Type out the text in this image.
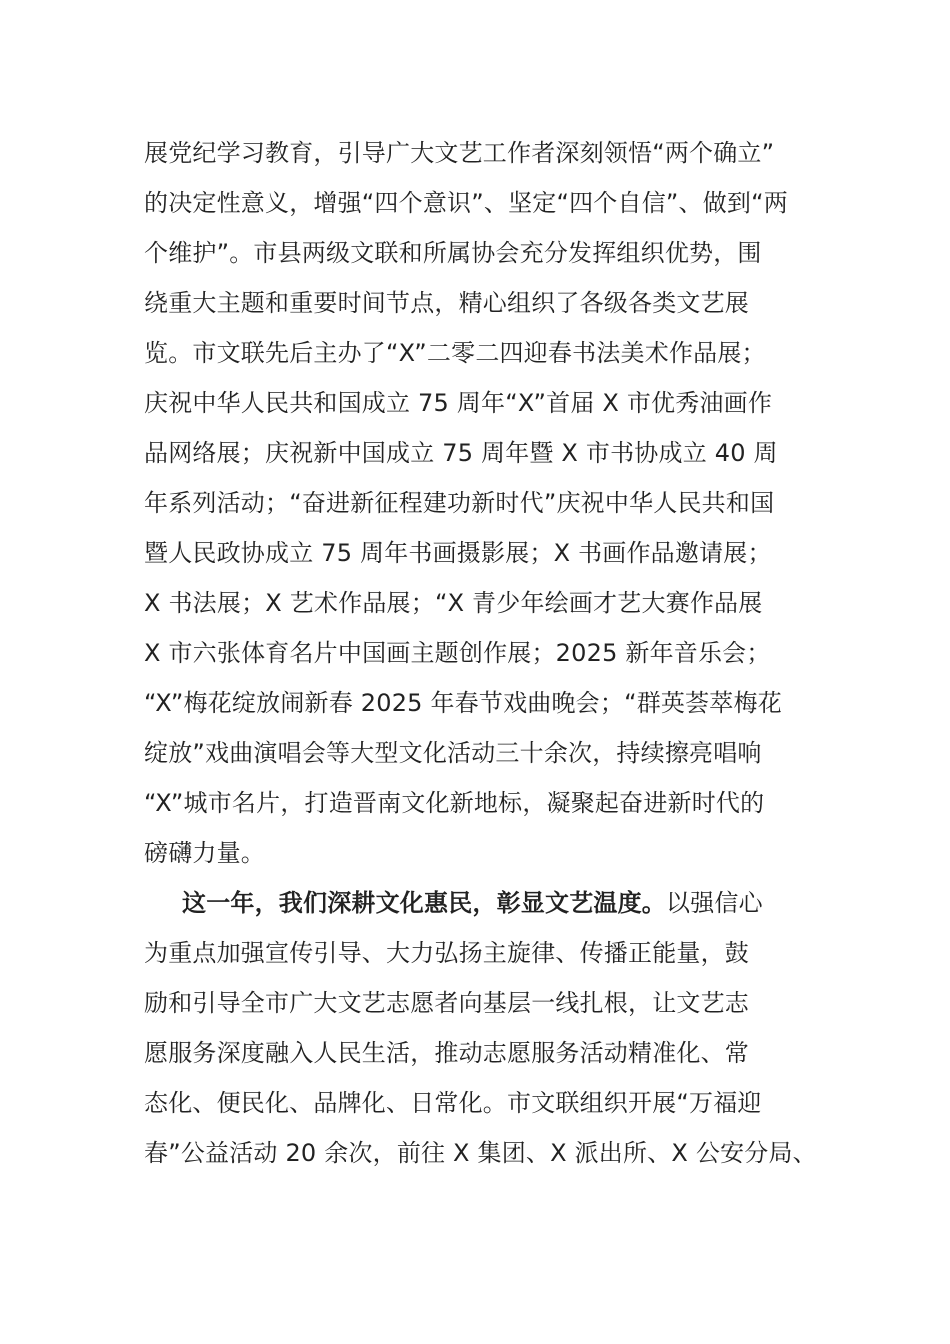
展党纪学习教育，引导广大文艺工作者深刻领悟“两个确立”
的决定性意义，增强“四个意识”、坚定“四个自信”、做到“两
个维护”。市县两级文联和所属协会充分发挥组织优势，围
绕重大主题和重要时间节点，精心组织了各级各类文艺展
览。市文联先后主办了“X”二零二四迎春书法美术作品展；
庆祝中华人民共和国成立 75 周年“X”首届 X 市优秀油画作
品网络展；庆祝新中国成立 75 周年暨 X 市书协成立 40 周
年系列活动；“奋进新征程建功新时代”庆祝中华人民共和国
暨人民政协成立 75 周年书画摄影展；X 书画作品邀请展；
X 书法展；X 艺术作品展；“X 青少年绘画才艺大赛作品展
X 市六张体育名片中国画主题创作展；2025 新年音乐会；
“X”梅花绽放闹新春 2025 年春节戏曲晚会；“群英荟萃梅花
绽放”戏曲演唱会等大型文化活动三十余次，持续擦亮唱响
“X”城市名片，打造晋南文化新地标，凝聚起奋进新时代的
磅礴力量。
这一年，我们深耕文化惠民，彰显文艺温度。以强信心
为重点加强宣传引导、大力弘扬主旋律、传播正能量，鼓
励和引导全市广大文艺志愿者向基层一线扎根，让文艺志
愿服务深度融入人民生活，推动志愿服务活动精准化、常
态化、便民化、品牌化、日常化。市文联组织开展“万福迎
春”公益活动 20 余次，前往 X 集团、X 派出所、X 公安分局、
